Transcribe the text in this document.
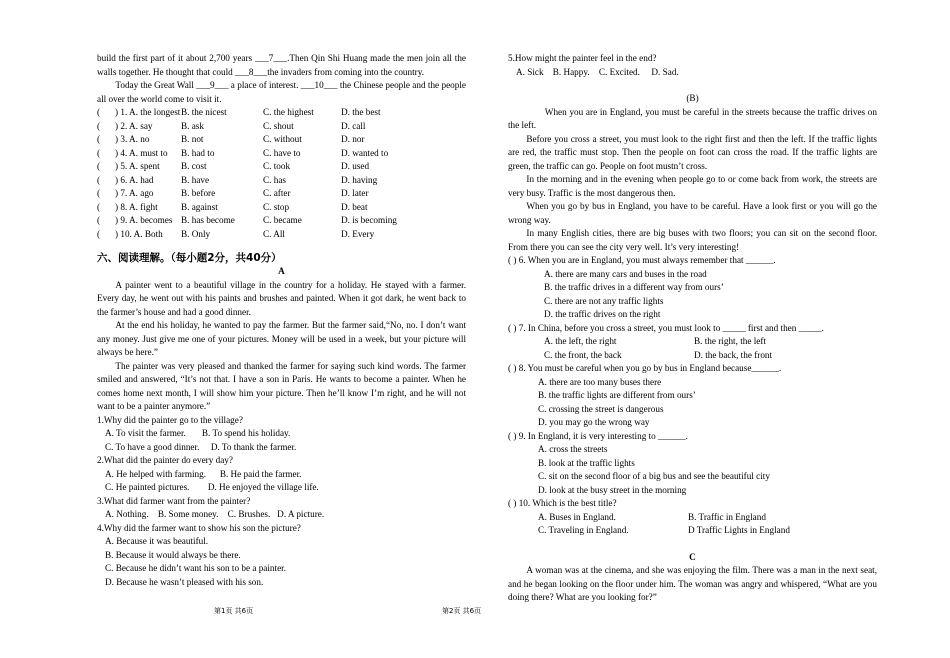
build the first part of it about 2,700 years ___7___.Then Qin Shi Huang made the men join all the walls together. He thought that could ___8___the invaders from coming into the country.

Today the Great Wall ___9___ a place of interest. ___10___ the Chinese people and the people all over the world come to visit it.

(	) 1. A. the longest B. the nicest	C. the highest	D. the best
(	) 2. A. say	B. ask	C. shout	D. call
(	) 3. A. no	B. not	C. without	D. nor
(	) 4. A. must to	B. had to	C. have to	D. wanted to
(	) 5. A. spent	B. cost	C. took	D. used
(	) 6. A. had	B. have	C. has	D. having
(	) 7. A. ago	B. before	C. after	D. later
(	) 8. A. fight	B. against	C. stop	D. beat
(	) 9. A. becomes B. has become	C. became	D. is becoming
(	) 10. A. Both	B. Only	C. All	D. Every
六、阅读理解。（每小题2分，共40分）
A

A painter went to a beautiful village in the country for a holiday. He stayed with a farmer. Every day, he went out with his paints and brushes and painted. When it got dark, he went back to the farmer’s house and had a good dinner.

At the end his holiday, he wanted to pay the farmer. But the farmer said,“No, no. I don’t want any money. Just give me one of your pictures. Money will be used in a week, but your picture will always be here.”

The painter was very pleased and thanked the farmer for saying such kind words. The farmer smiled and answered, “It’s not that. I have a son in Paris. He wants to become a painter. When he comes home next month, I will show him your picture. Then he’ll know I’m right, and he will not want to be a painter anymore.”

1.Why did the painter go to the village?
A. To visit the farmer.       B. To spend his holiday.
C. To have a good dinner.     D. To thank the farmer.
2.What did the painter do every day?
A. He helped with farming.      B. He paid the farmer.
C. He painted pictures.        D. He enjoyed the village life.
3.What did farmer want from the painter?
A. Nothing.    B. Some money.    C. Brushes.   D. A picture.
4.Why did the farmer want to show his son the picture?
A. Because it was beautiful.
B. Because it would always be there.
C. Because he didn’t want his son to be a painter.
D. Because he wasn’t pleased with his son.
5.How might the painter feel in the end?
A. Sick    B. Happy.    C. Excited.     D. Sad.
(B)

When you are in England, you must be careful in the streets because the traffic drives on the left.

Before you cross a street, you must look to the right first and then the left. If the traffic lights are red, the traffic must stop. Then the people on foot can cross the road. If the traffic lights are green, the traffic can go. People on foot mustn’t cross.

In the morning and in the evening when people go to or come back from work, the streets are very busy. Traffic is the most dangerous then.

When you go by bus in England, you have to be careful. Have a look first or you will go the wrong way.

In many English cities, there are big buses with two floors; you can sit on the second floor. From there you can see the city very well. It’s very interesting!

( ) 6. When you are in England, you must always remember that ______.
A. there are many cars and buses in the road
B. the traffic drives in a different way from ours’
C. there are not any traffic lights
D. the traffic drives on the right
( ) 7. In China, before you cross a street, you must look to _____ first and then _____.
A. the left, the right	B. the right, the left
C. the front, the back	D. the back, the front
( ) 8. You must be careful when you go by bus in England because______.
A. there are too many buses there
B. the traffic lights are different from ours’
C. crossing the street is dangerous
D. you may go the wrong way
( ) 9. In England, it is very interesting to ______.
A. cross the streets
B. look at the traffic lights
C. sit on the second floor of a big bus and see the beautiful city
D. look at the busy street in the morning
( ) 10. Which is the best title?
A. Buses in England.	B. Traffic in England
C. Traveling in England.	D Traffic Lights in England
C

A woman was at the cinema, and she was enjoying the film. There was a man in the next seat, and he began looking on the floor under him. The woman was angry and whispered, “What are you doing there? What are you looking for?”

第1页 共6页	第2页 共6页
